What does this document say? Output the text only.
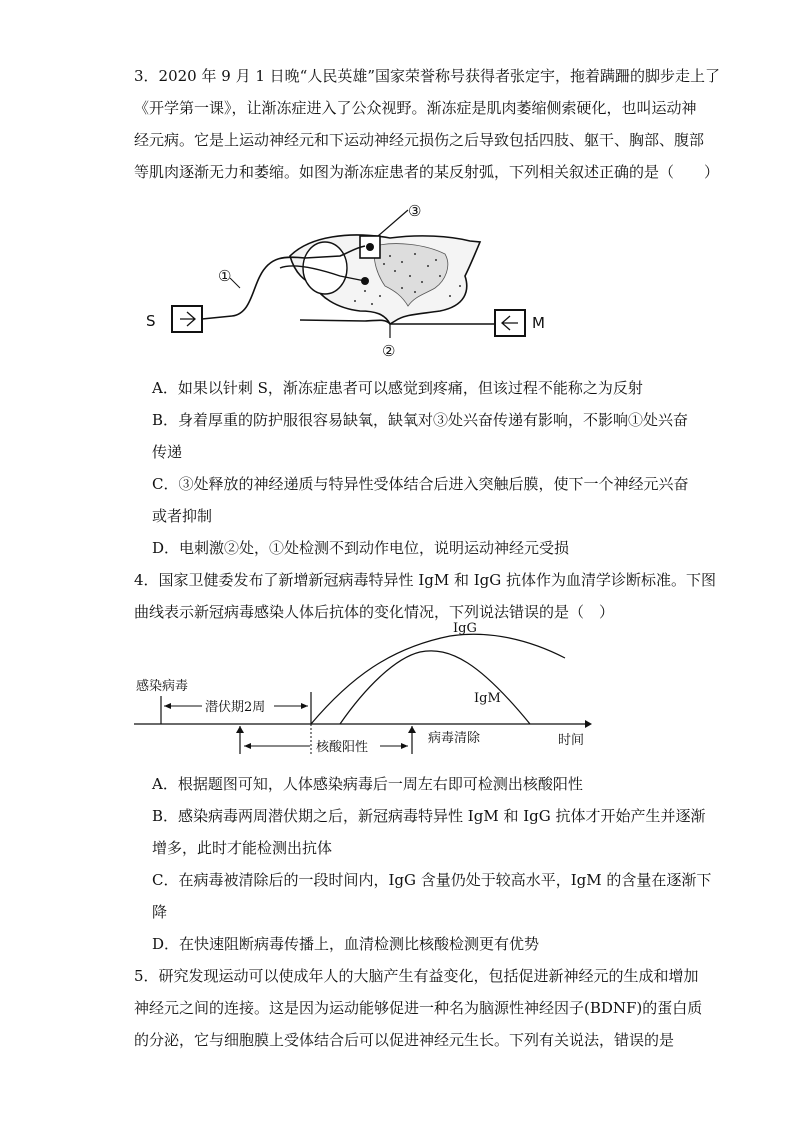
3．2020 年 9 月 1 日晚“人民英雄”国家荣誉称号获得者张定宇，拖着蹒跚的脚步走上了
《开学第一课》，让渐冻症进入了公众视野。渐冻症是肌肉萎缩侧索硬化，也叫运动神
经元病。它是上运动神经元和下运动神经元损伤之后导致包括四肢、躯干、胸部、腹部
等肌肉逐渐无力和萎缩。如图为渐冻症患者的某反射弧，下列相关叙述正确的是（　　）
③
①
S
②
M
A．如果以针刺 S，渐冻症患者可以感觉到疼痛，但该过程不能称之为反射
B．身着厚重的防护服很容易缺氧，缺氧对③处兴奋传递有影响，不影响①处兴奋
传递
C．③处释放的神经递质与特异性受体结合后进入突触后膜，使下一个神经元兴奋
或者抑制
D．电刺激②处，①处检测不到动作电位，说明运动神经元受损
4．国家卫健委发布了新增新冠病毒特异性 IgM 和 IgG 抗体作为血清学诊断标准。下图
曲线表示新冠病毒感染人体后抗体的变化情况，下列说法错误的是（　）
时间
感染病毒
潜伏期2周
IgG
IgM
核酸阳性
病毒清除
A．根据题图可知，人体感染病毒后一周左右即可检测出核酸阳性
B．感染病毒两周潜伏期之后，新冠病毒特异性 IgM 和 IgG 抗体才开始产生并逐渐
增多，此时才能检测出抗体
C．在病毒被清除后的一段时间内，IgG 含量仍处于较高水平，IgM 的含量在逐渐下
降
D．在快速阻断病毒传播上，血清检测比核酸检测更有优势
5．研究发现运动可以使成年人的大脑产生有益变化，包括促进新神经元的生成和增加
神经元之间的连接。这是因为运动能够促进一种名为脑源性神经因子(BDNF)的蛋白质
的分泌，它与细胞膜上受体结合后可以促进神经元生长。下列有关说法，错误的是
